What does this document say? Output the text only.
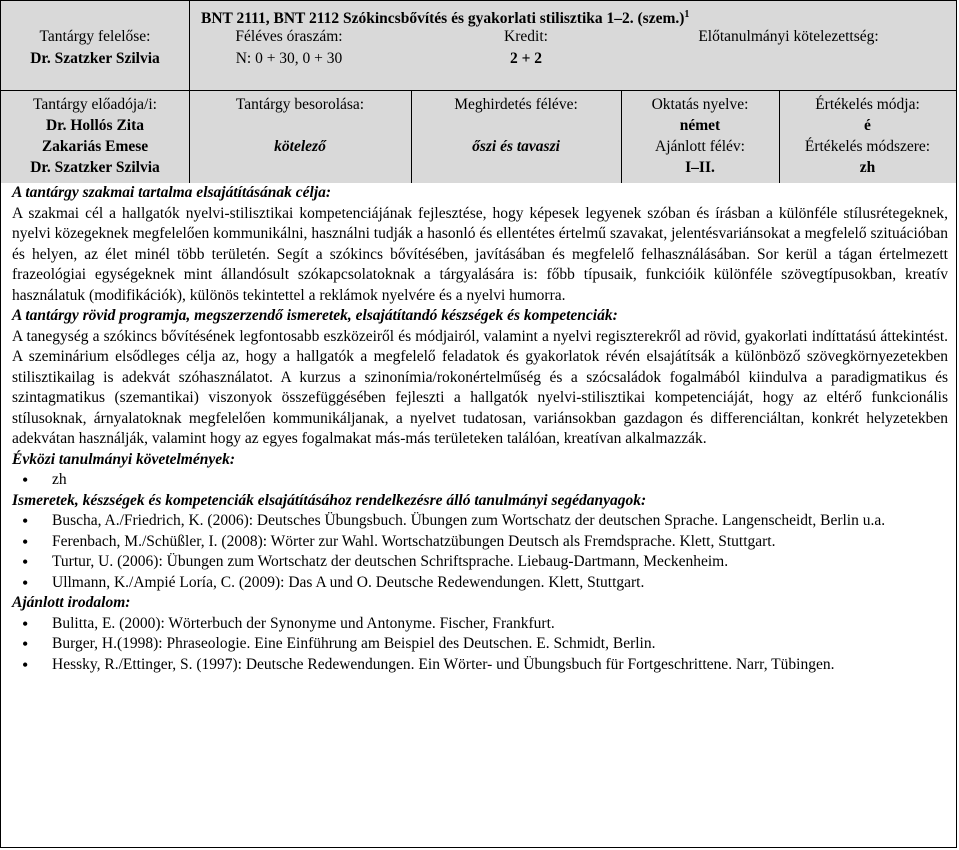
BNT 2111, BNT 2112 Szókincsbővítés és gyakorlati stilisztika 1–2. (szem.)$^1$
Tantárgy felelőse:
Dr. Szatzker Szilvia
Féléves óraszám:
N: 0 + 30, 0 + 30
Kredit:
2 + 2
Előtanulmányi kötelezettség:
Tantárgy előadója/i:
Dr. Hollós Zita
Zakariás Emese
Dr. Szatzker Szilvia
Tantárgy besorolása:
kötelező
Meghirdetés féléve:
őszi és tavaszi
Oktatás nyelve:
német
Ajánlott félév:
I–II.
Értékelés módja:
é
Értékelés módszere:
zh

A tantárgy szakmai tartalma elsajátításának célja:

A szakmai cél a hallgatók nyelvi-stilisztikai kompetenciájának fejlesztése, hogy képesek legyenek szóban és írásban a különféle stílusrétegeknek, nyelvi közegeknek megfelelően kommunikálni, használni tudják a hasonló és ellentétes értelmű szavakat, jelentésvariánsokat a megfelelő szituációban és helyen, az élet minél több területén. Segít a szókincs bővítésében, javításában és megfelelő felhasználásában. Sor kerül a tágan értelmezett frazeológiai egységeknek mint állandósult szókapcsolatoknak a tárgyalására is: főbb típusaik, funkcióik különféle szövegtípusokban, kreatív használatuk (modifikációk), különös tekintettel a reklámok nyelvére és a nyelvi humorra.

A tantárgy rövid programja, megszerzendő ismeretek, elsajátítandó készségek és kompetenciák:

A tanegység a szókincs bővítésének legfontosabb eszközeiről és módjairól, valamint a nyelvi regiszterekről ad rövid, gyakorlati indíttatású áttekintést. A szeminárium elsődleges célja az, hogy a hallgatók a megfelelő feladatok és gyakorlatok révén elsajátítsák a különböző szövegkörnyezetekben stilisztikailag is adekvát szóhasználatot. A kurzus a szinonímia/rokonértelműség és a szócsaládok fogalmából kiindulva a paradigmatikus és szintagmatikus (szemantikai) viszonyok összefüggésében fejleszti a hallgatók nyelvi-stilisztikai kompetenciáját, hogy az eltérő funkcionális stílusoknak, árnyalatoknak megfelelően kommunikáljanak, a nyelvet tudatosan, variánsokban gazdagon és differenciáltan, konkrét helyzetekben adekvátan használják, valamint hogy az egyes fogalmakat más-más területeken találóan, kreatívan alkalmazzák.

Évközi tanulmányi követelmények:

• zh

Ismeretek, készségek és kompetenciák elsajátításához rendelkezésre álló tanulmányi segédanyagok:

• Buscha, A./Friedrich, K. (2006): Deutsches Übungsbuch. Übungen zum Wortschatz der deutschen Sprache. Langenscheidt, Berlin u.a.
• Ferenbach, M./Schüßler, I. (2008): Wörter zur Wahl. Wortschatzübungen Deutsch als Fremdsprache. Klett, Stuttgart.
• Turtur, U. (2006): Übungen zum Wortschatz der deutschen Schriftsprache. Liebaug-Dartmann, Meckenheim.
• Ullmann, K./Ampié Loría, C. (2009): Das A und O. Deutsche Redewendungen. Klett, Stuttgart.

Ajánlott irodalom:

• Bulitta, E. (2000): Wörterbuch der Synonyme und Antonyme. Fischer, Frankfurt.
• Burger, H.(1998): Phraseologie. Eine Einführung am Beispiel des Deutschen. E. Schmidt, Berlin.
• Hessky, R./Ettinger, S. (1997): Deutsche Redewendungen. Ein Wörter- und Übungsbuch für Fortgeschrittene. Narr, Tübingen.
